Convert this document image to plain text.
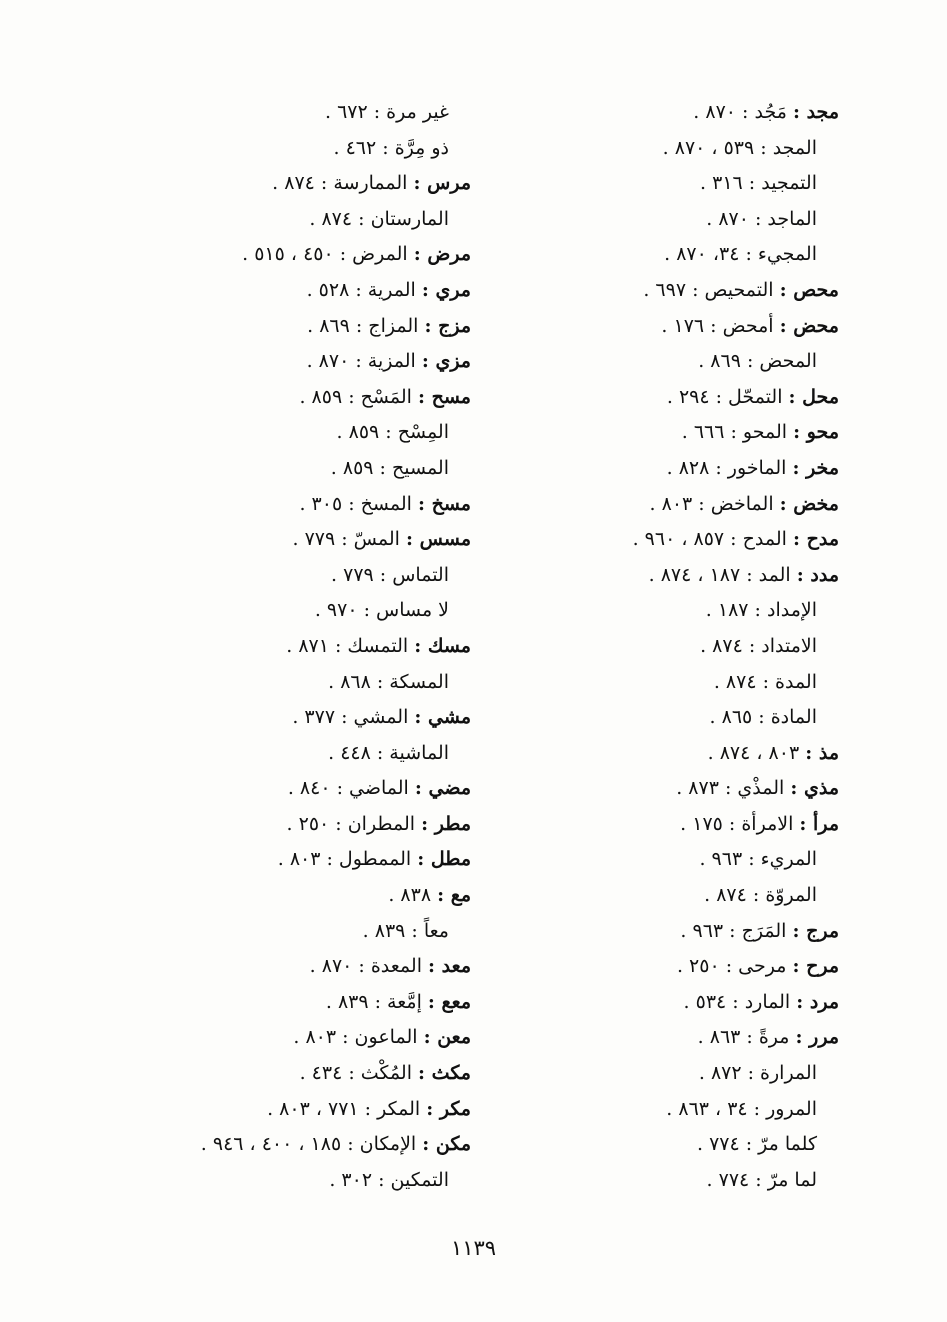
مجد : مَجُد : ٨٧٠ .
المجد : ٥٣٩ ، ٨٧٠ .
التمجيد : ٣١٦ .
الماجد : ٨٧٠ .
المجيء : ٣٤، ٨٧٠ .
محص : التمحيص : ٦٩٧ .
محض : أمحض : ١٧٦ .
المحض : ٨٦٩ .
محل : التمحّل : ٢٩٤ .
محو : المحو : ٦٦٦ .
مخر : الماخور : ٨٢٨ .
مخض : الماخض : ٨٠٣ .
مدح : المدح : ٨٥٧ ، ٩٦٠ .
مدد : المد : ١٨٧ ، ٨٧٤ .
الإمداد : ١٨٧ .
الامتداد : ٨٧٤ .
المدة : ٨٧٤ .
المادة : ٨٦٥ .
مذ : ٨٠٣ ، ٨٧٤ .
مذي : المذْي : ٨٧٣ .
مرأ : الامرأة : ١٧٥ .
المريء : ٩٦٣ .
المروّة : ٨٧٤ .
مرج : المَرَج : ٩٦٣ .
مرح : مرحى : ٢٥٠ .
مرد : المارد : ٥٣٤ .
مرر : مرةً : ٨٦٣ .
المرارة : ٨٧٢ .
المرور : ٣٤ ، ٨٦٣ .
كلما مرّ : ٧٧٤ .
لما مرّ : ٧٧٤ .
غير مرة : ٦٧٢ .
ذو مِرَّة : ٤٦٢ .
مرس : الممارسة : ٨٧٤ .
المارستان : ٨٧٤ .
مرض : المرض : ٤٥٠ ، ٥١٥ .
مري : المرية : ٥٢٨ .
مزج : المزاج : ٨٦٩ .
مزي : المزية : ٨٧٠ .
مسح : المَسْح : ٨٥٩ .
المِسْح : ٨٥٩ .
المسيح : ٨٥٩ .
مسخ : المسخ : ٣٠٥ .
مسس : المسّ : ٧٧٩ .
التماس : ٧٧٩ .
لا مساس : ٩٧٠ .
مسك : التمسك : ٨٧١ .
المسكة : ٨٦٨ .
مشي : المشي : ٣٧٧ .
الماشية : ٤٤٨ .
مضي : الماضي : ٨٤٠ .
مطر : المطران : ٢٥٠ .
مطل : الممطول : ٨٠٣ .
مع : ٨٣٨ .
معاً : ٨٣٩ .
معد : المعدة : ٨٧٠ .
معع : إمَّعة : ٨٣٩ .
معن : الماعون : ٨٠٣ .
مكث : المُكْث : ٤٣٤ .
مكر : المكر : ٧٧١ ، ٨٠٣ .
مكن : الإمكان : ١٨٥ ، ٤٠٠ ، ٩٤٦ .
التمكين : ٣٠٢ .
١١٣٩
